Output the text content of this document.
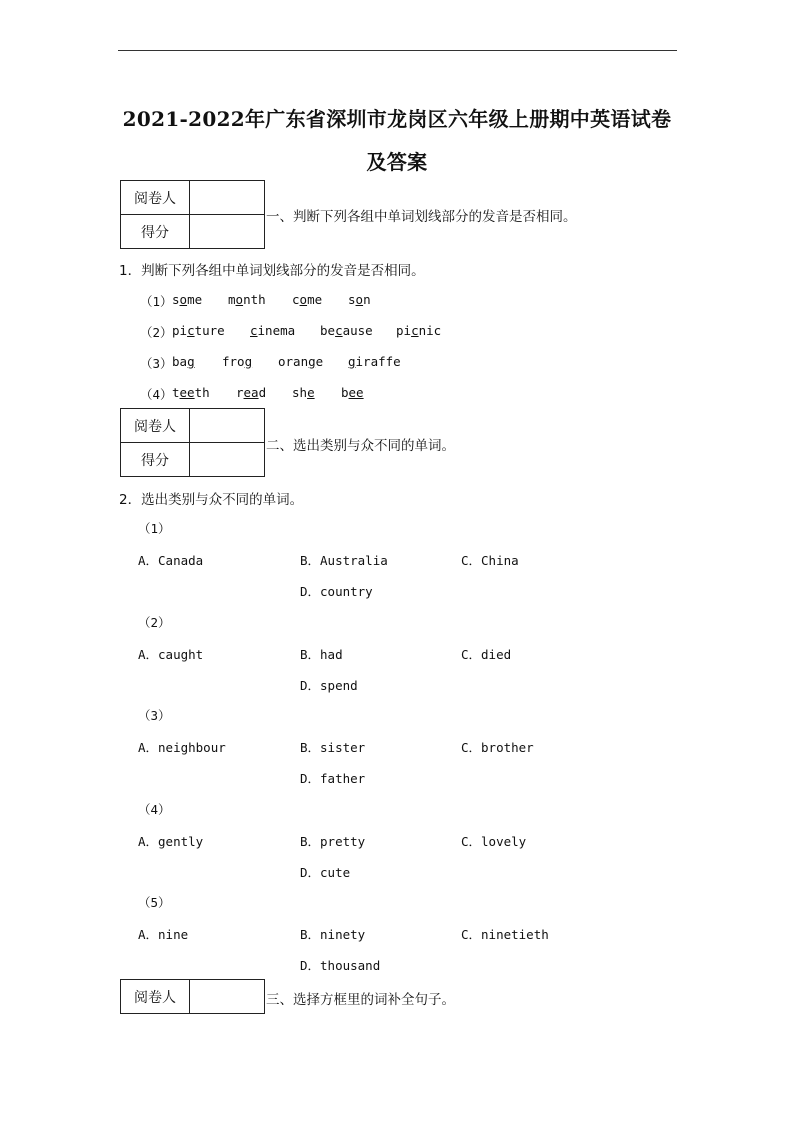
2021-2022年广东省深圳市龙岗区六年级上册期中英语试卷
及答案
阅卷人	
得分	
一、判断下列各组中单词划线部分的发音是否相同。
1．判断下列各组中单词划线部分的发音是否相同。
（1） some month come son
（2） picture cinema because picnic
（3） bag frog orange giraffe
（4） teeth read she bee
阅卷人	
得分	
二、选出类别与众不同的单词。
2．选出类别与众不同的单词。
（1）
A．Canada	B．Australia	C．China
D．country
（2）
A．caught	B．had	C．died
D．spend
（3）
A．neighbour	B．sister	C．brother
D．father
（4）
A．gently	B．pretty	C．lovely
D．cute
（5）
A．nine	B．ninety	C．ninetieth
D．thousand
阅卷人		三、选择方框里的词补全句子。
